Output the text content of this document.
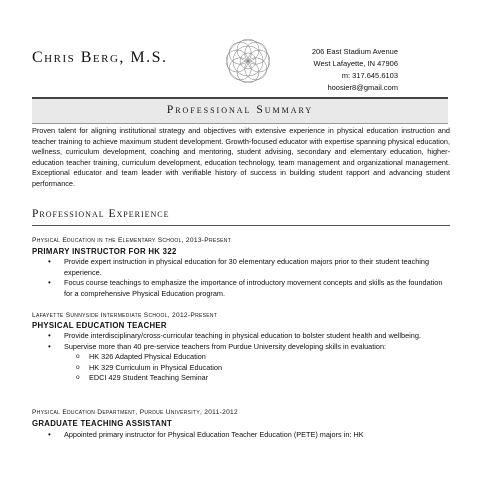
Chris Berg, M.S.	206 East Stadium Avenue
West Lafayette, IN 47906
m: 317.645.6103
hoosier8@gmail.com
Professional Summary
Proven talent for aligning institutional strategy and objectives with extensive experience in physical education instruction and teacher training to achieve maximum student development. Growth-focused educator with expertise spanning physical education, wellness, curriculum development, coaching and mentoring, student advising, secondary and elementary education, higher-education teacher training, curriculum development, education technology, team management and organizational management. Exceptional educator and team leader with verifiable history of success in building student rapport and advancing student performance.
Professional Experience
Physical Education in the Elementary School, 2013-Present
PRIMARY INSTRUCTOR FOR HK 322
• Provide expert instruction in physical education for 30 elementary education majors prior to their student teaching experience.
• Focus course teachings to emphasize the importance of introductory movement concepts and skills as the foundation for a comprehensive Physical Education program.
Lafayette Sunnyside Intermediate School, 2012-Present
PHYSICAL EDUCATION TEACHER
• Provide interdisciplinary/cross-curricular teaching in physical education to bolster student health and wellbeing.
• Supervise more than 40 pre-service teachers from Purdue University developing skills in evaluation:
o HK 326 Adapted Physical Education
o HK 329 Curriculum in Physical Education
o EDCI 429 Student Teaching Seminar
Physical Education Department, Purdue University, 2011-2012
GRADUATE TEACHING ASSISTANT
• Appointed primary instructor for Physical Education Teacher Education (PETE) majors in: HK
